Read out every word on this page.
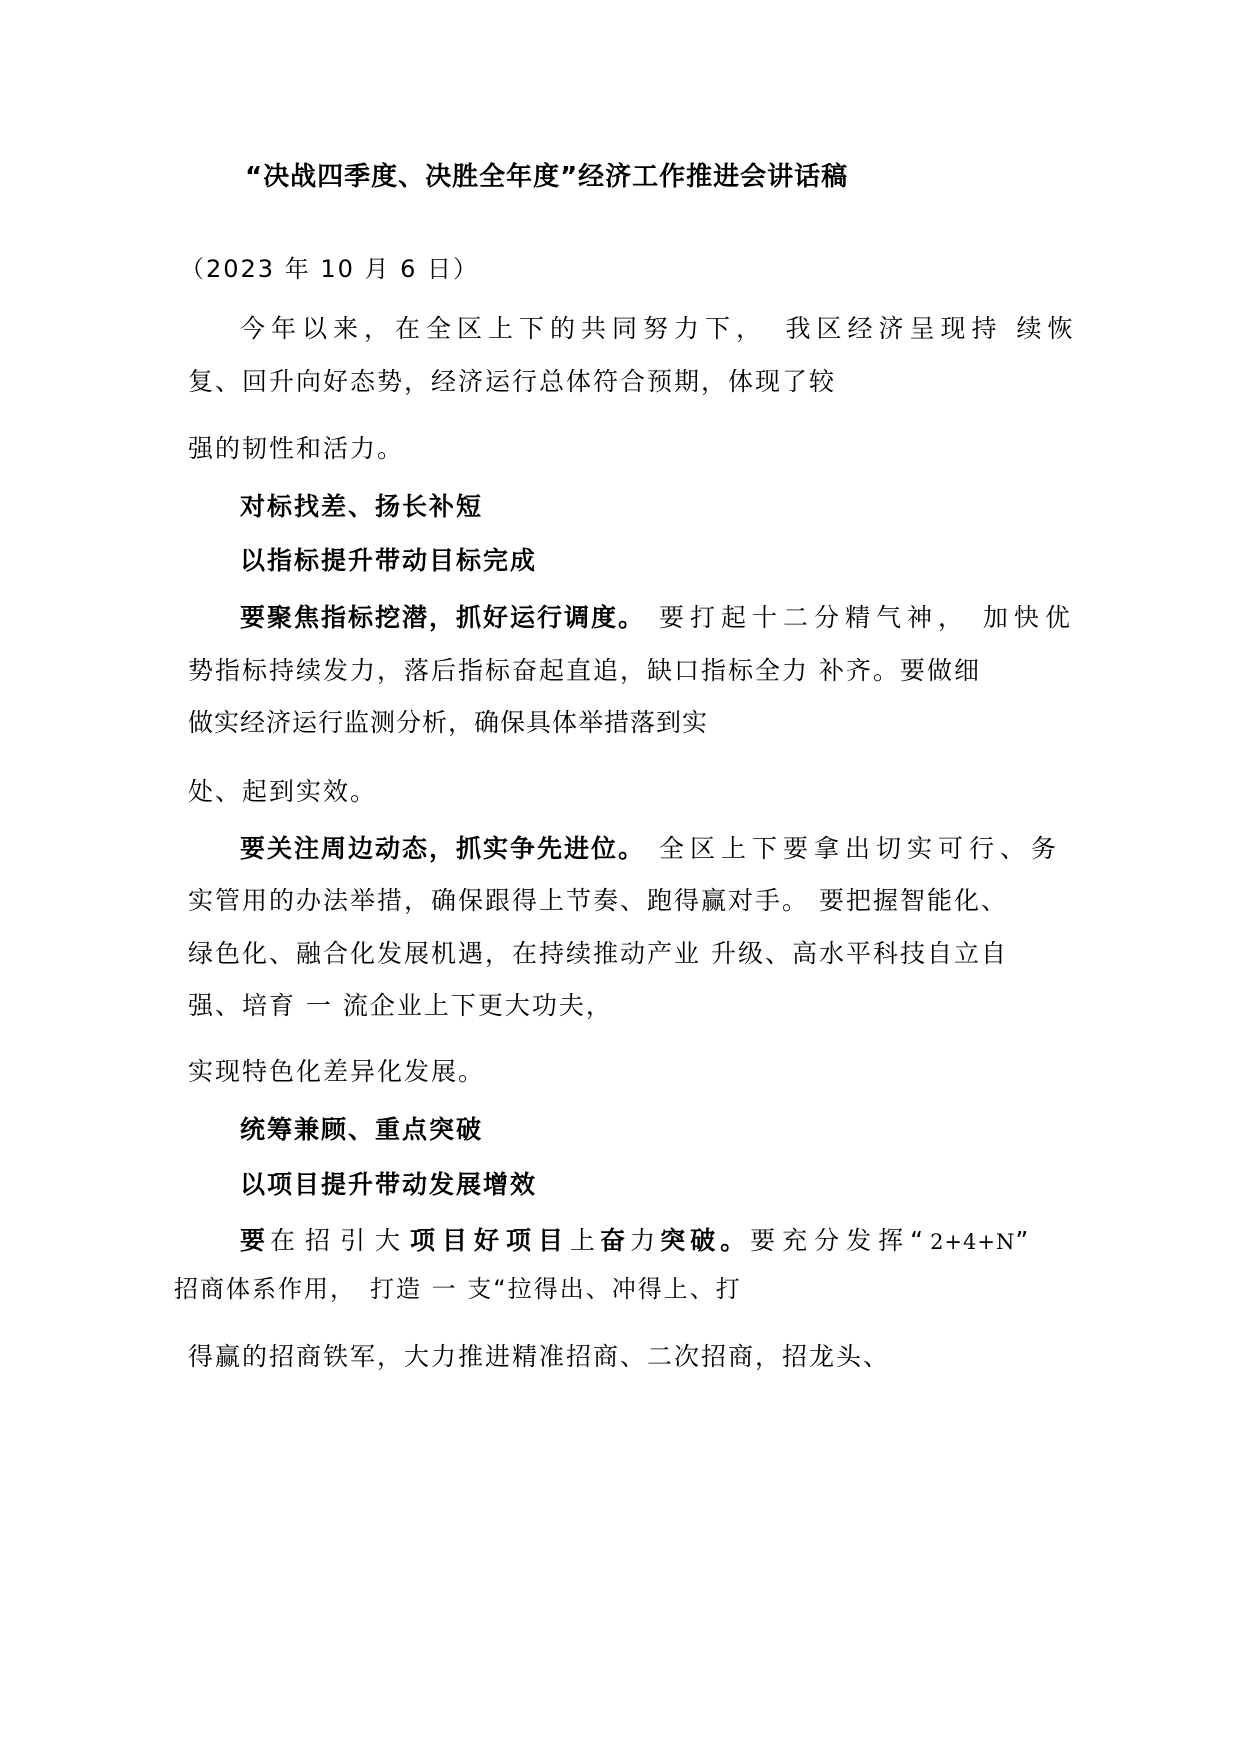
“决战四季度、决胜全年度”经济工作推进会讲话稿
（2023 年 10 月 6 日）
今年以来，在全区上下的共同努力下，　我区经济呈现持 续恢
复、回升向好态势，经济运行总体符合预期，体现了较
强的韧性和活力。
对标找差、扬长补短
以指标提升带动目标完成
要聚焦指标挖潜，抓好运行调度。 要打起十二分精气神， 加快优
势指标持续发力，落后指标奋起直追，缺口指标全力 补齐。要做细
做实经济运行监测分析，确保具体举措落到实
处、起到实效。
要关注周边动态，抓实争先进位。 全区上下要拿出切实可行、务
实管用的办法举措，确保跟得上节奏、跑得赢对手。 要把握智能化、
绿色化、融合化发展机遇，在持续推动产业 升级、高水平科技自立自
强、培育 一 流企业上下更大功夫，
实现特色化差异化发展。
统筹兼顾、重点突破
以项目提升带动发展增效
要在招引大项目好项目上奋力突破。要充分发挥“2+4+N”
招商体系作用，　打造 一 支“拉得出、冲得上、打
得赢的招商铁军，大力推进精准招商、二次招商，招龙头、
